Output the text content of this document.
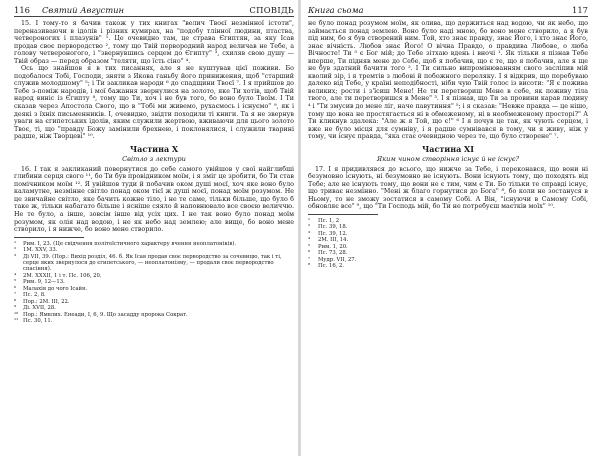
116 Святий Августин	СПОВІДЬ

15. І тому-то я бачив також у тих книгах "велич Твоєї незмінної істоти", переназиваючи в ідолів і різних кумирах, на "подобу тлінної людини, птаства, четвероногих і плазунів" ¹. Це очевидно там, це страва Єгиптян, за яку Ісав продав своє первородство ², тому що Твій первородний народ величав не Тебе, а голову четвероногого, і "звернувшись серцем до Єгипту" ³, схиляв свою душу — Твій образ — перед образом "теляти, що їсть сіно" ⁴.

Ось що знайшов я в тих писаннях, але я не куштував цієї поживи. Бо подобалося Тобі, Господи, зняти з Якова ганьбу його принижения, щоб "старший служив молодшому" ⁵; і Ти закликав народи ⁶ до спадщини Твоєї ⁷. І я прийшов до Тебе з-поміж народів, і мої бажання звернулися на золото, яке Ти хотів, щоб Твій народ виніс із Єгипту ⁸, тому що Ти, хоч і не був того, бо воно було Твоїм. І Ти сказав через Апостола Свого, що в "Тобі ми живемо, рухаємось і існуємо" ⁹, як і деякі з їхніх письменників. І, очевидно, звідти походили ті книги. Та я не звернув уваги на єгипетських ідолів, яким служили жертвою, вживаючи для цього золото Твоє, ті, що "правду Божу замінили брехнею, і поклонялися, і служили тварині радше, ніж Творцеві" ¹⁰.

Частина X
Світло з лектури

16. І так я закликаний повернутися до себе самого увійшов у свої найглибші глибини серця свого ¹¹, бо Ти був провідником моїм, і я зміг це зробити, бо Ти став помічником моїм ¹². Я увійшов туди й побачив оком душі моєї, хоч яке воно було каламутне, незмінне світло понад оком тієї ж душі моєї, понад моїм розумом. Не це звичайне світло, яке бачить кожне тіло, і не те саме, тільки більше, що було б таке ж, тільки набагато більше і ясніше сяяло й наповнювало все своєю величчю. Не те було, а інше, зовсім інше від усіх цих. І не так воно було понад моїм розумом, як олія над водою, і не як небо над землею; але вище, бо воно мене створило, і я нижче, бо воно мене створило.

¹	Рим. І, 23. (Це свідчення політеїстичного характеру вчення неоплатоніків).
²	1М. XXV, 33.
³	Ді VII, 39. (Пор.: Вихід розділ, 46. б. Як Ісав продав своє первородство за сочевицю, так і ті, серце яких звернулося до єгипетського, — неоплатонізму, — продали своє первородство спасіння).
⁴	2М. XXXII, 1 і т. Пс. 106, 20.
⁵	Рим. 9, 12—13.
⁶	Малахія до чого Ісайя.
⁷	Пс. 2, 8.
⁸	Пор.: 2М. III, 22.
⁹	Ді. XVII, 28.
¹⁰ Пор.: Ямвлих. Енеади, І, 6, 9. Що засадду пророка Сократ.
¹¹ Пс. 30, 11.
Книга сьома	117

не було понад розумом моїм, як олива, що держиться над водою, чи як небо, що займається понад землею. Воно було наді мною, бо воно мене створило, а я був під ним, бо я був створений ним. Той, хто знає правду, знає Його, і хто знає Його, знає вічність. Любов знає Його! О вічна Правдо, о правдива Любове, о люба Вічносте! Ти ⁵ є Бог мій; до Тебе зітхаю вдень і вночі ¹. Як тільки я пізнав Тебе вперше, Ти підняв мене до Себе, щоб я побачив, що є те, що я побачив, але я ще не був здатний бачити того ². І Ти сильно випромінюванням свого засліпив мій кволий зір, і я тремтів з любові й побожного переляку. І я відкрив, що перебуваю далеко від Тебе, у країні неподібності, ніби чую Твій голос із висоти: "Я є пожива великих; рости і з'їсиш Мене! Не ти перетвориш Мене в себе, як поживу тіла твого, але ти перетворишся в Мене" ³. І я пізнав, що Ти за провини карав людину ⁴ і "Ти змусив до мене ліг, наче павутиння" ⁵; і я сказав: "Невже правда — це нішо, тому що вона не простягається ні в обмеженому, ні в необмеженому просторі?" А Ти кликнув здалека: "Але ж я Той, що є!" ⁶ І я почув це так, як чують серцем, і вже не було місця для сумніву, і я радше сумнівався в тому, чи я живу, ніж у тому, чи існує правда, "яка стає очевидною через те, що було створене" ⁷.

Частина XI
Яким чином створіння існує й не існує?

17. І я придивлявся до всього, що нижче за Тебе, і переконався, що вони ні безумовно існують, ні безумовно не існують. Вони існують тому, що походять від Тебе; але не існують тому, що вони не є тим, чим є Ти. Бо тільки те справді існує, що триває незмінно. "Мені ж благо горнутися до Бога" ⁸, бо коли не зостануся в Ньому, то не зможу зостатися в самому Собі. А Він, "існуючи в Самому Собі, обновляє все" ⁹, що "Ти Господь мій, бо Ти не потребуєш маєтків моїх" ¹⁰.

¹	Пс. 1, 2
²	Пс. 39, 18.
³	Пс. 39, 12.
⁴	2М. III, 14.
⁵	Рим. 1, 20.
⁶	Пс. 73, 28.
⁷	Мудр. VII, 27.
⁸	Пс. 16, 2.
